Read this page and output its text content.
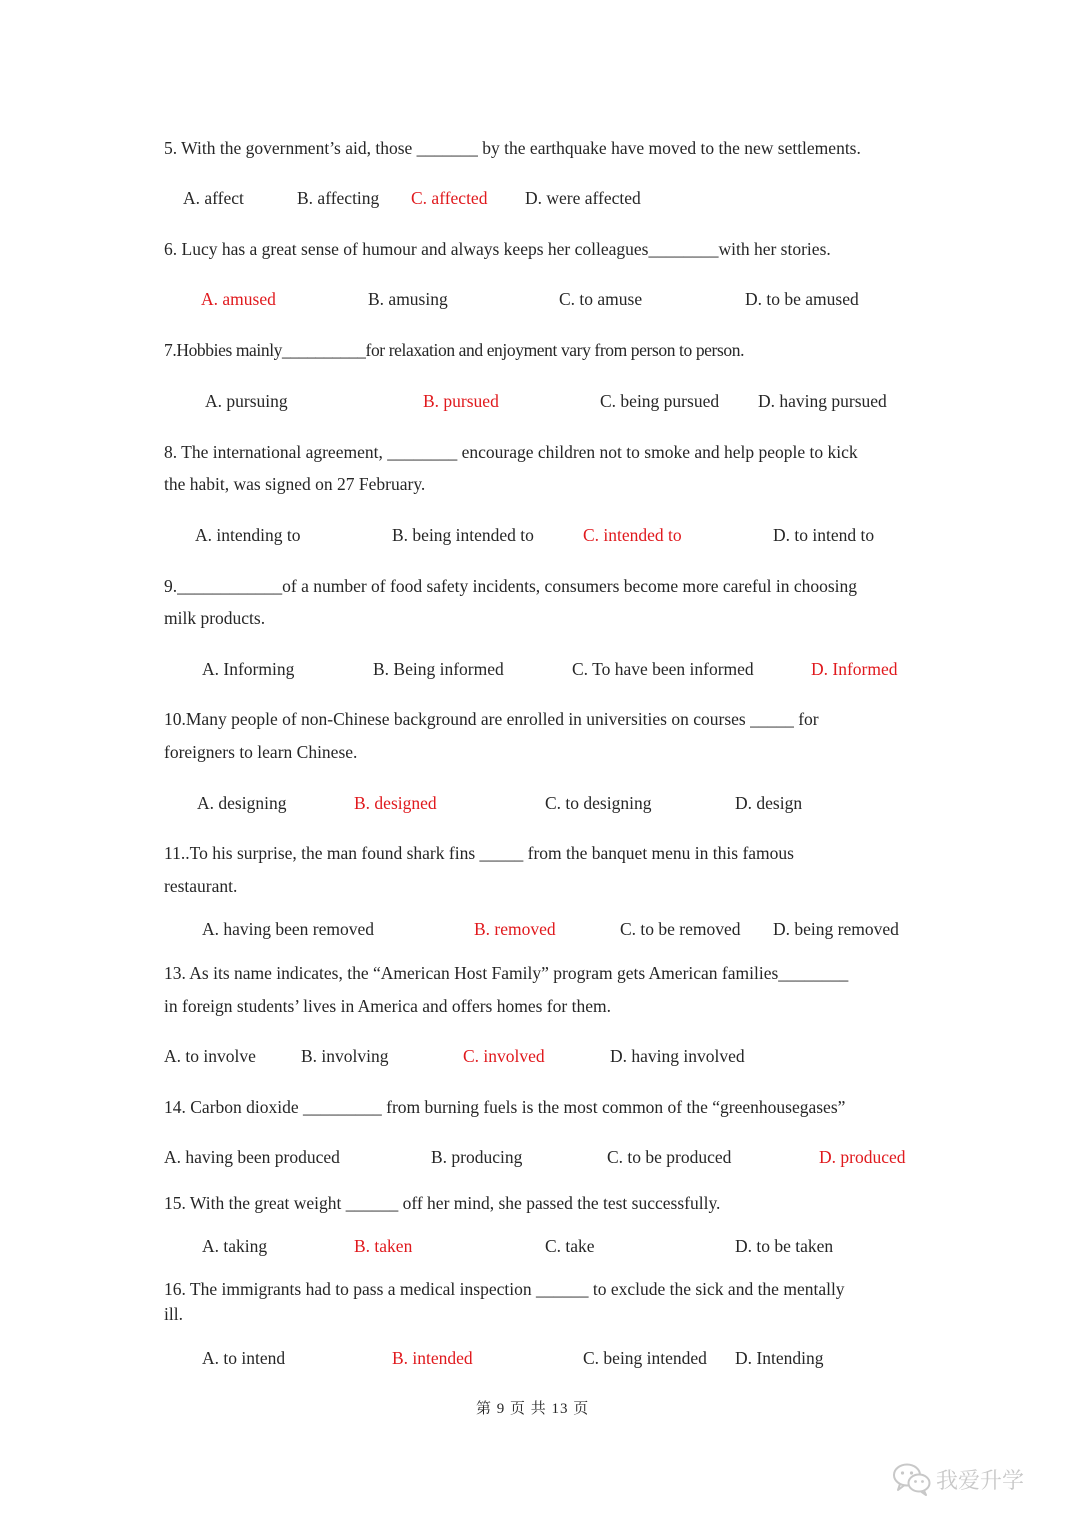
5. With the government’s aid, those _______ by the earthquake have moved to the new settlements.
A. affect	B. affecting C. affected D. were affected
6. Lucy has a great sense of humour and always keeps her colleagues________with her stories.
A. amused	B. amusing	C. to amuse	D. to be amused
7.Hobbies mainly__________for relaxation and enjoyment vary from person to person.
A. pursuing	B. pursued	C. being pursued D. having pursued
8. The international agreement, ________ encourage children not to smoke and help people to kick
the habit, was signed on 27 February.
A. intending to	B. being intended to	C. intended to	D. to intend to
9.____________of a number of food safety incidents, consumers become more careful in choosing
milk products.
A. Informing	B. Being informed	C. To have been informed	D. Informed
10.Many people of non-Chinese background are enrolled in universities on courses _____ for
foreigners to learn Chinese.
A. designing	B. designed	C. to designing	D. design
11..To his surprise, the man found shark fins _____ from the banquet menu in this famous
restaurant.
A. having been removed	B. removed	C. to be removed D. being removed
13. As its name indicates, the “American Host Family” program gets American families________
in foreign students’ lives in America and offers homes for them.
A. to involve	B. involving	C. involved	D. having involved
14. Carbon dioxide _________ from burning fuels is the most common of the “greenhousegases”
A. having been produced	B. producing	C. to be produced	D. produced
15. With the great weight ______ off her mind, she passed the test successfully.
A. taking	B. taken	C. take	D. to be taken
16. The immigrants had to pass a medical inspection ______ to exclude the sick and the mentally
ill.
A. to intend	B. intended	C. being intended D. Intending
第 9 页 共 13 页
我爱升学
